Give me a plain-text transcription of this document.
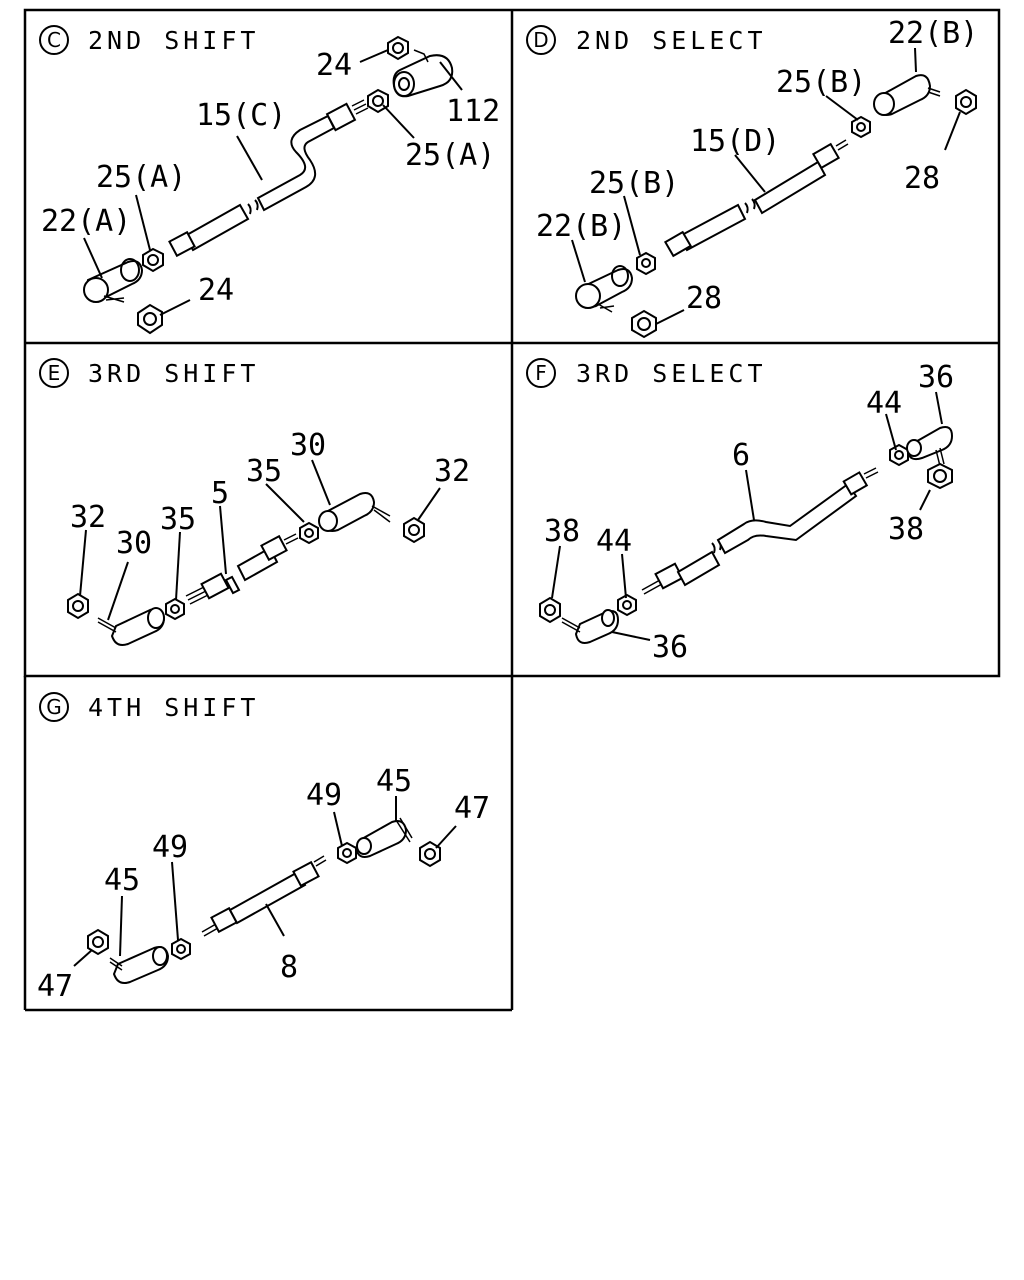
C 2ND SHIFT
24
112
15(C)
25(A)
25(A)
22(A)
24
D 2ND SELECT	22(B)
25(B)
15(D)
28
25(B)
22(B)
28
E 3RD SHIFT
30
35	32
5
32 35
30
F 3RD SELECT	36
44
6
38
38 44
36
G 4TH SHIFT
45
49	47
49
45
8
47
